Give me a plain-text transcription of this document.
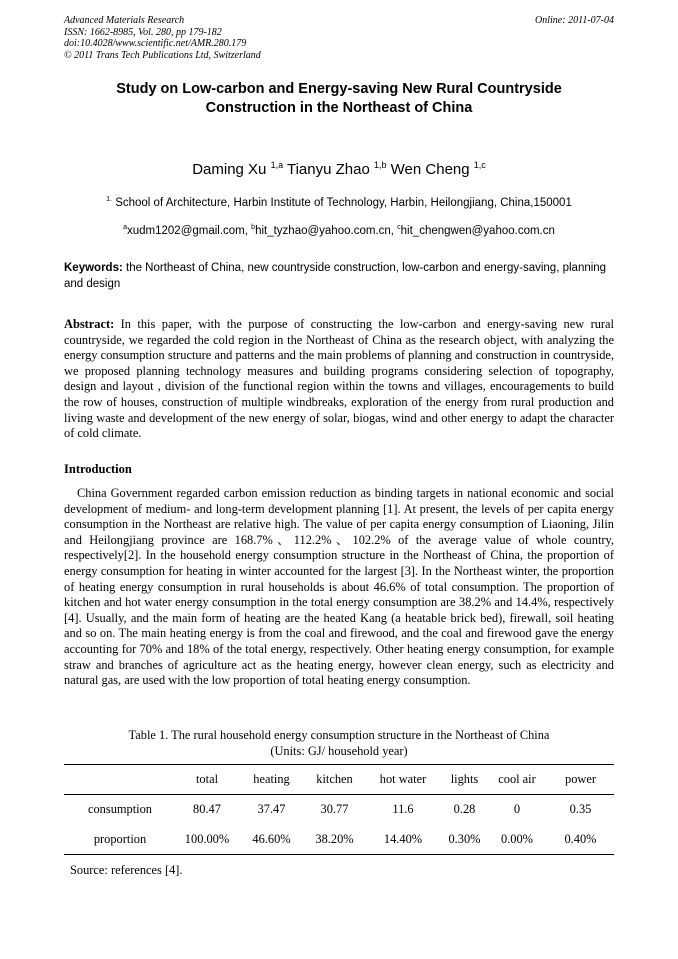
Advanced Materials Research
ISSN: 1662-8985, Vol. 280, pp 179-182
doi:10.4028/www.scientific.net/AMR.280.179
© 2011 Trans Tech Publications Ltd, Switzerland
Online: 2011-07-04
Study on Low-carbon and Energy-saving New Rural Countryside
Construction in the Northeast of China
Daming Xu $^{1,a}$ Tianyu Zhao $^{1,b}$ Wen Cheng $^{1,c}$
$^{1.}$ School of Architecture, Harbin Institute of Technology, Harbin, Heilongjiang, China,150001
$^a$xudm1202@gmail.com, $^b$hit_tyzhao@yahoo.com.cn, $^c$hit_chengwen@yahoo.com.cn
Keywords: the Northeast of China, new countryside construction, low-carbon and energy-saving, planning and design
Abstract: In this paper, with the purpose of constructing the low-carbon and energy-saving new rural countryside, we regarded the cold region in the Northeast of China as the research object, with analyzing the energy consumption structure and patterns and the main problems of planning and construction in countryside, we proposed planning technology measures and building programs considering selection of topography, design and layout , division of the functional region within the towns and villages, encouragements to build the row of houses, construction of multiple windbreaks, exploration of the energy from rural production and living waste and development of the new energy of solar, biogas, wind and other energy to adapt the character of cold climate.
Introduction
China Government regarded carbon emission reduction as binding targets in national economic and social development of medium- and long-term development planning [1]. At present, the levels of per capita energy consumption in the Northeast are relative high. The value of per capita energy consumption of Liaoning, Jilin and Heilongjiang province are 168.7%、112.2%、102.2% of the average value of whole country, respectively[2]. In the household energy consumption structure in the Northeast of China, the proportion of energy consumption for heating in winter accounted for the largest [3]. In the Northeast winter, the proportion of heating energy consumption in rural households is about 46.6% of total consumption. The proportion of kitchen and hot water energy consumption in the total energy consumption are 38.2% and 14.4%, respectively [4]. Usually, and the main form of heating are the heated Kang (a heatable brick bed), firewall, soil heating and so on. The main heating energy is from the coal and firewood, and the coal and firewood gave the energy accounting for 70% and 18% of the total energy, respectively. Other heating energy consumption, for example straw and branches of agriculture act as the heating energy, however clean energy, such as electricity and natural gas, are used with the low proportion of total heating energy consumption.
Table 1. The rural household energy consumption structure in the Northeast of China
(Units: GJ/ household year)
	total	heating	kitchen	hot water	lights	cool air	power
consumption	80.47	37.47	30.77	11.6	0.28	0	0.35
proportion	100.00%	46.60%	38.20%	14.40%	0.30%	0.00%	0.40%
Source: references [4].
